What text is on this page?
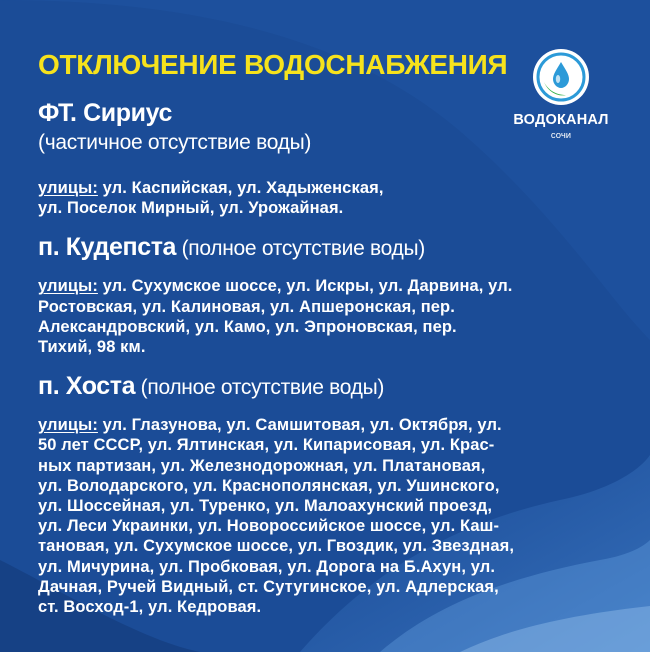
ОТКЛЮЧЕНИЕ ВОДОСНАБЖЕНИЯ
ВОДОКАНАЛ
сочи
ФТ. Сириус
(частичное отсутствие воды)

улицы: ул. Каспийская, ул. Хадыженская,
ул. Поселок Мирный, ул. Урожайная.

п. Кудепста (полное отсутствие воды)

улицы: ул. Сухумское шоссе, ул. Искры, ул. Дарвина, ул.
Ростовская, ул. Калиновая, ул. Апшеронская, пер.
Александровский, ул. Камо, ул. Эпроновская, пер.
Тихий, 98 км.

п. Хоста (полное отсутствие воды)

улицы: ул. Глазунова, ул. Самшитовая, ул. Октября, ул.
50 лет СССР, ул. Ялтинская, ул. Кипарисовая, ул. Крас-
ных партизан, ул. Железнодорожная, ул. Платановая,
ул. Володарского, ул. Краснополянская, ул. Ушинского,
ул. Шоссейная, ул. Туренко, ул. Малоахунский проезд,
ул. Леси Украинки, ул. Новороссийское шоссе, ул. Каш-
тановая, ул. Сухумское шоссе, ул. Гвоздик, ул. Звездная,
ул. Мичурина, ул. Пробковая, ул. Дорога на Б.Ахун, ул.
Дачная, Ручей Видный, ст. Сутугинское, ул. Адлерская,
ст. Восход-1, ул. Кедровая.
